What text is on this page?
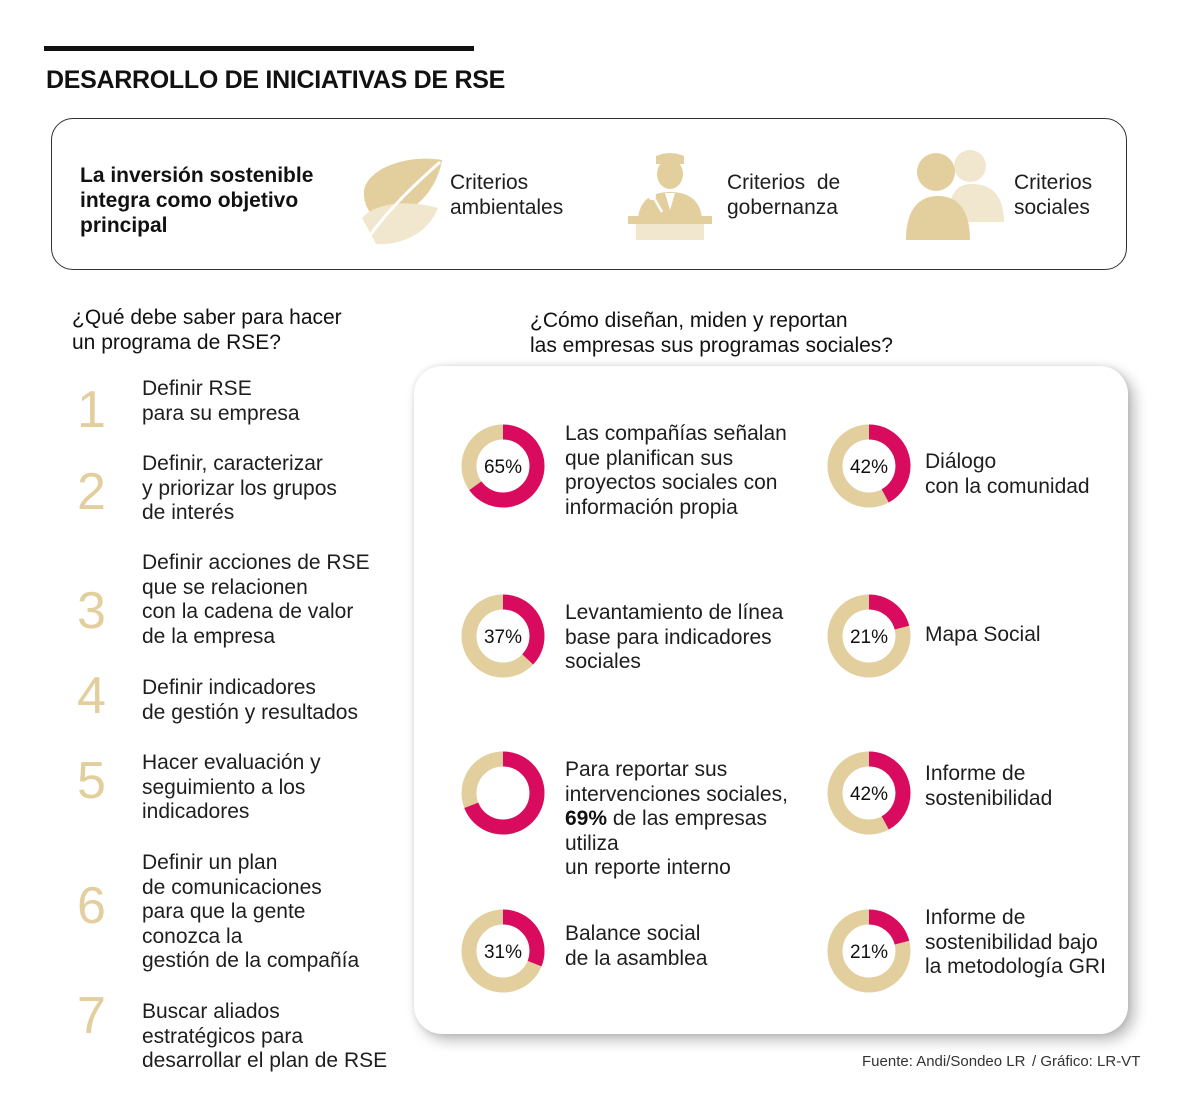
DESARROLLO DE INICIATIVAS DE RSE
La inversión sostenible integra como objetivo principal
Criterios
ambientales
Criterios  de
gobernanza
Criterios
sociales
¿Qué debe saber para hacer
un programa de RSE?
1 Definir RSE
para su empresa
2 Definir, caracterizar
y priorizar los grupos
de interés
3
Definir acciones de RSE
que se relacionen
con la cadena de valor
de la empresa
4 Definir indicadores
de gestión y resultados
5 Hacer evaluación y
seguimiento a los
indicadores
6
Definir un plan
de comunicaciones
para que la gente
conozca la
gestión de la compañía
7 Buscar aliados
estratégicos para
desarrollar el plan de RSE
¿Cómo diseñan, miden y reportan
las empresas sus programas sociales?
65%
Las compañías señalan
que planifican sus
proyectos sociales con
información propia
42% Diálogo
con la comunidad
37%
Levantamiento de línea
base para indicadores
sociales
21% Mapa Social
Para reportar sus
intervenciones sociales,
69% de las empresas utiliza
un reporte interno
42%
Informe de
sostenibilidad
31%
Balance social
de la asamblea	21%
Informe de
sostenibilidad bajo
la metodología GRI
Fuente: Andi/Sondeo LR / Gráfico: LR-VT
